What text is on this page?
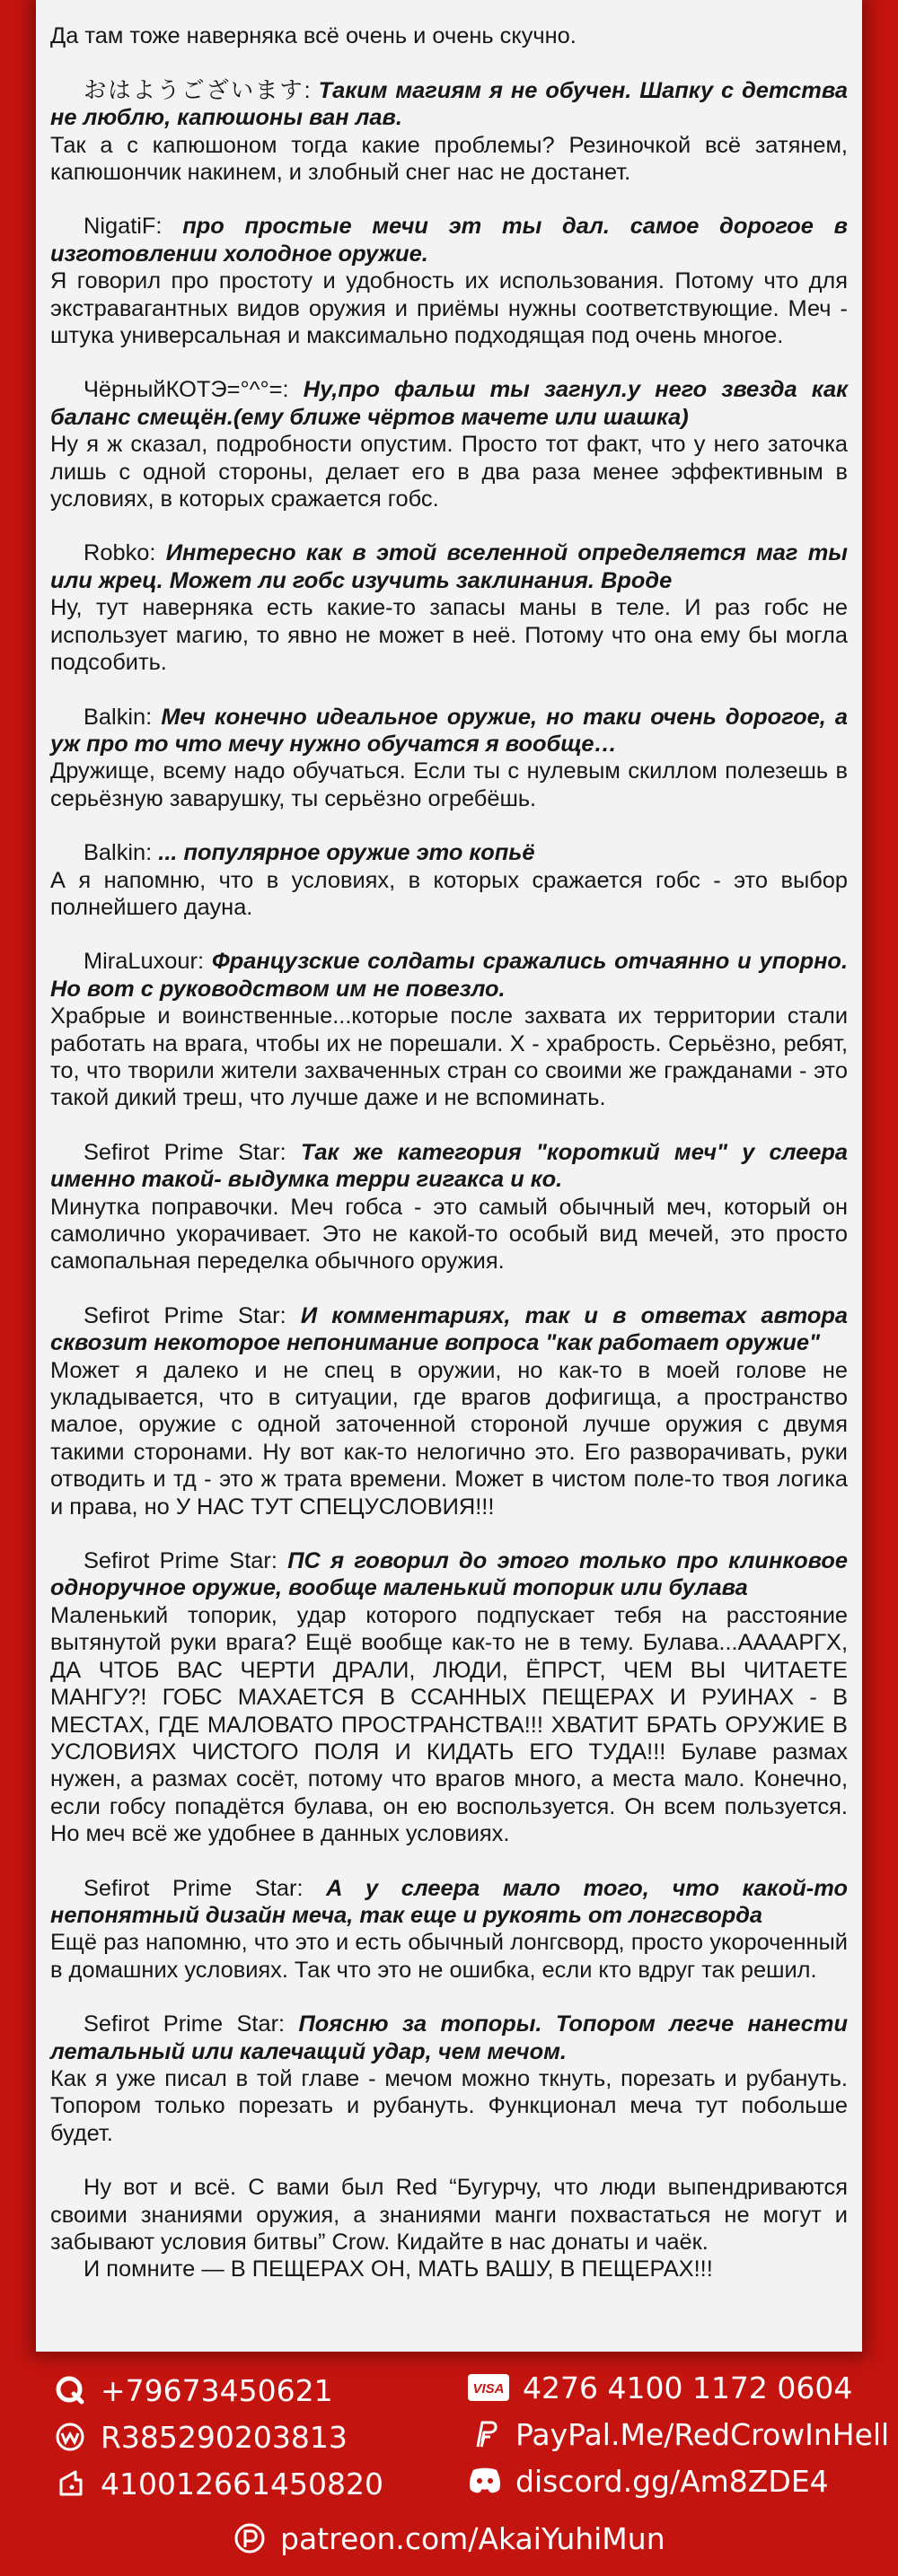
Да там тоже наверняка всё очень и очень скучно.

おはようございます: Таким магиям я не обучен. Шапку с детства не люблю, капюшоны ван лав.

Так а с капюшоном тогда какие проблемы? Резиночкой всё затянем, капюшончик накинем, и злобный снег нас не достанет.

NigatiF: про простые мечи эт ты дал. самое дорогое в изготовлении холодное оружие.

Я говорил про простоту и удобность их использования. Потому что для экстравагантных видов оружия и приёмы нужны соответствующие. Меч - штука универсальная и максимально подходящая под очень многое.

ЧёрныйКОТЭ=°^°=: Ну,про фальш ты загнул.у него звезда как баланс смещён.(ему ближе чёртов мачете или шашка)

Ну я ж сказал, подробности опустим. Просто тот факт, что у него заточка лишь с одной стороны, делает его в два раза менее эффективным в условиях, в которых сражается гобс.

Robko: Интересно как в этой вселенной определяется маг ты или жрец. Может ли гобс изучить заклинания. Вроде

Ну, тут наверняка есть какие-то запасы маны в теле. И раз гобс не использует магию, то явно не может в неё. Потому что она ему бы могла подсобить.

Balkin: Меч конечно идеальное оружие, но таки очень дорогое, а уж про то что мечу нужно обучатся я вообще…

Дружище, всему надо обучаться. Если ты с нулевым скиллом полезешь в серьёзную заварушку, ты серьёзно огребёшь.

Balkin: ... популярное оружие это копьё

А я напомню, что в условиях, в которых сражается гобс - это выбор полнейшего дауна.

MiraLuxour: Французские солдаты сражались отчаянно и упорно. Но вот с руководством им не повезло.

Храбрые и воинственные...которые после захвата их территории стали работать на врага, чтобы их не порешали. Х - храбрость. Серьёзно, ребят, то, что творили жители захваченных стран со своими же гражданами - это такой дикий треш, что лучше даже и не вспоминать.

Sefirot Prime Star: Так же категория "короткий меч" у слеера именно такой- выдумка терри гигакса и ко.

Минутка поправочки. Меч гобса - это самый обычный меч, который он самолично укорачивает. Это не какой-то особый вид мечей, это просто самопальная переделка обычного оружия.

Sefirot Prime Star: И комментариях, так и в ответах автора сквозит некоторое непонимание вопроса "как работает оружие"

Может я далеко и не спец в оружии, но как-то в моей голове не укладывается, что в ситуации, где врагов дофигища, а пространство малое, оружие с одной заточенной стороной лучше оружия с двумя такими сторонами. Ну вот как-то нелогично это. Его разворачивать, руки отводить и тд - это ж трата времени. Может в чистом поле-то твоя логика и права, но У НАС ТУТ СПЕЦУСЛОВИЯ!!!

Sefirot Prime Star: ПС я говорил до этого только про клинковое одноручное оружие, вообще маленький топорик или булава

Маленький топорик, удар которого подпускает тебя на расстояние вытянутой руки врага? Ещё вообще как-то не в тему. Булава...АААAРГХ, ДА ЧТОБ ВАС ЧЕРТИ ДРАЛИ, ЛЮДИ, ЁПРСТ, ЧЕМ ВЫ ЧИТАЕТЕ МАНГУ?! ГОБС МАХАЕТСЯ В ССАННЫХ ПЕЩЕРАХ И РУИНАХ - В МЕСТАХ, ГДЕ МАЛОВАТО ПРОСТРАНСТВА!!! ХВАТИТ БРАТЬ ОРУЖИЕ В УСЛОВИЯХ ЧИСТОГО ПОЛЯ И КИДАТЬ ЕГО ТУДА!!! Булаве размах нужен, а размах сосёт, потому что врагов много, а места мало. Конечно, если гобсу попадётся булава, он ею воспользуется. Он всем пользуется. Но меч всё же удобнее в данных условиях.

Sefirot Prime Star: А у слеера мало того, что какой-то непонятный дизайн меча, так еще и рукоять от лонгсворда

Ещё раз напомню, что это и есть обычный лонгсворд, просто укороченный в домашних условиях. Так что это не ошибка, если кто вдруг так решил.

Sefirot Prime Star: Поясню за топоры. Топором легче нанести летальный или калечащий удар, чем мечом.

Как я уже писал в той главе - мечом можно ткнуть, порезать и рубануть. Топором только порезать и рубануть. Функционал меча тут побольше будет.

Ну вот и всё. С вами был Red “Бугурчу, что люди выпендриваются своими знаниями оружия, а знаниями манги похвастаться не могут и забывают условия битвы” Crow. Кидайте в нас донаты и чаёк.
И помните — В ПЕЩЕРАХ ОН, МАТЬ ВАШУ, В ПЕЩЕРАХ!!!
+79673450621
R385290203813
410012661450820
VISA 4276 4100 1172 0604
PayPal.Me/RedCrowInHell
discord.gg/Am8ZDE4
patreon.com/AkaiYuhiMun
